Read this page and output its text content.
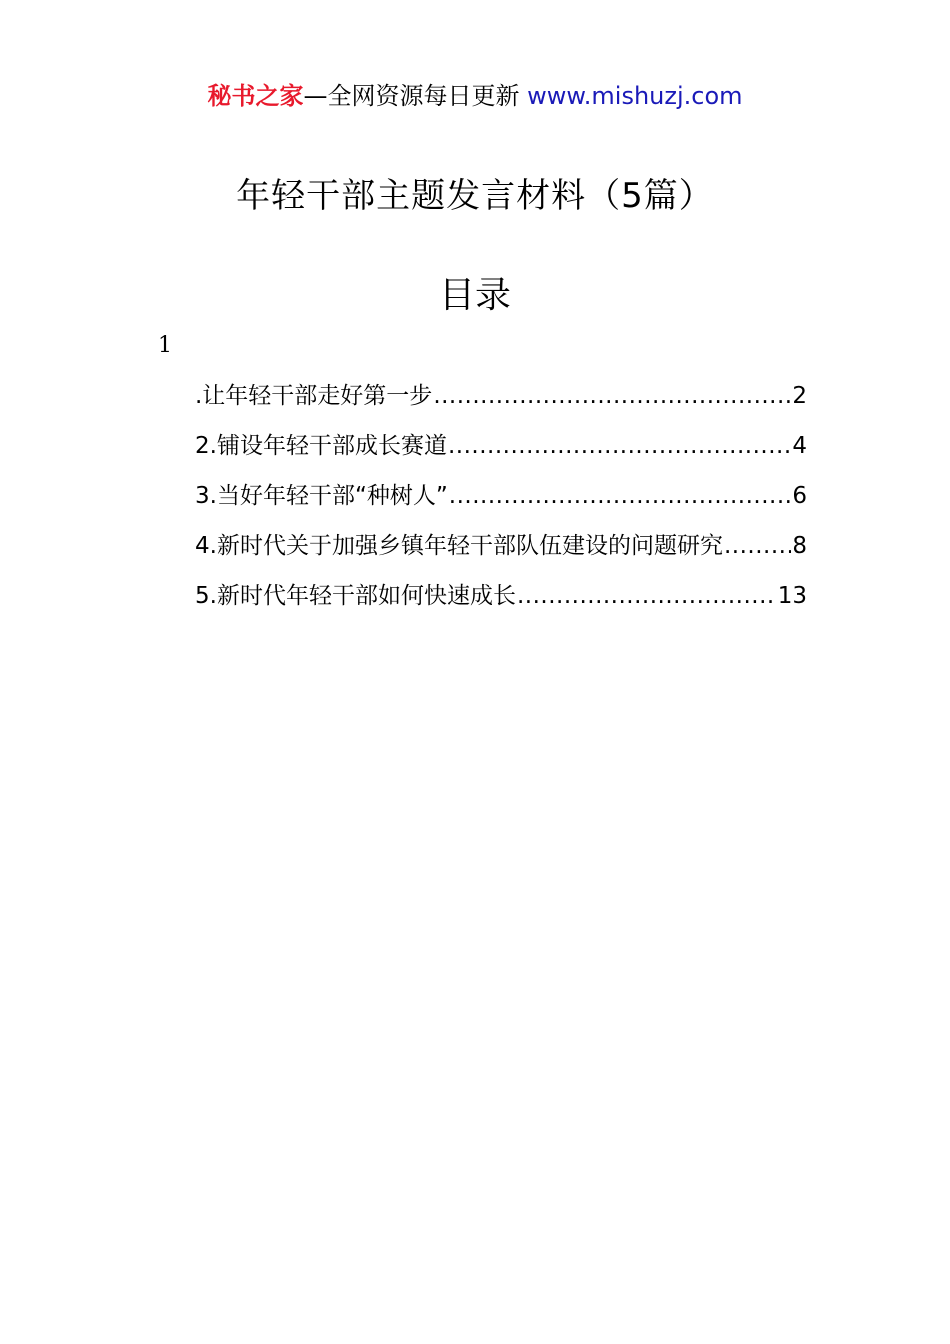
秘书之家—全网资源每日更新 www.mishuzj.com
年轻干部主题发言材料（5篇）
目录
1
.让年轻干部走好第一步 .....	2
2.铺设年轻干部成长赛道 .....	4
3.当好年轻干部“种树人” .....	6
4.新时代关于加强乡镇年轻干部队伍建设的问题研究 .....	8
5.新时代年轻干部如何快速成长 .....	13
